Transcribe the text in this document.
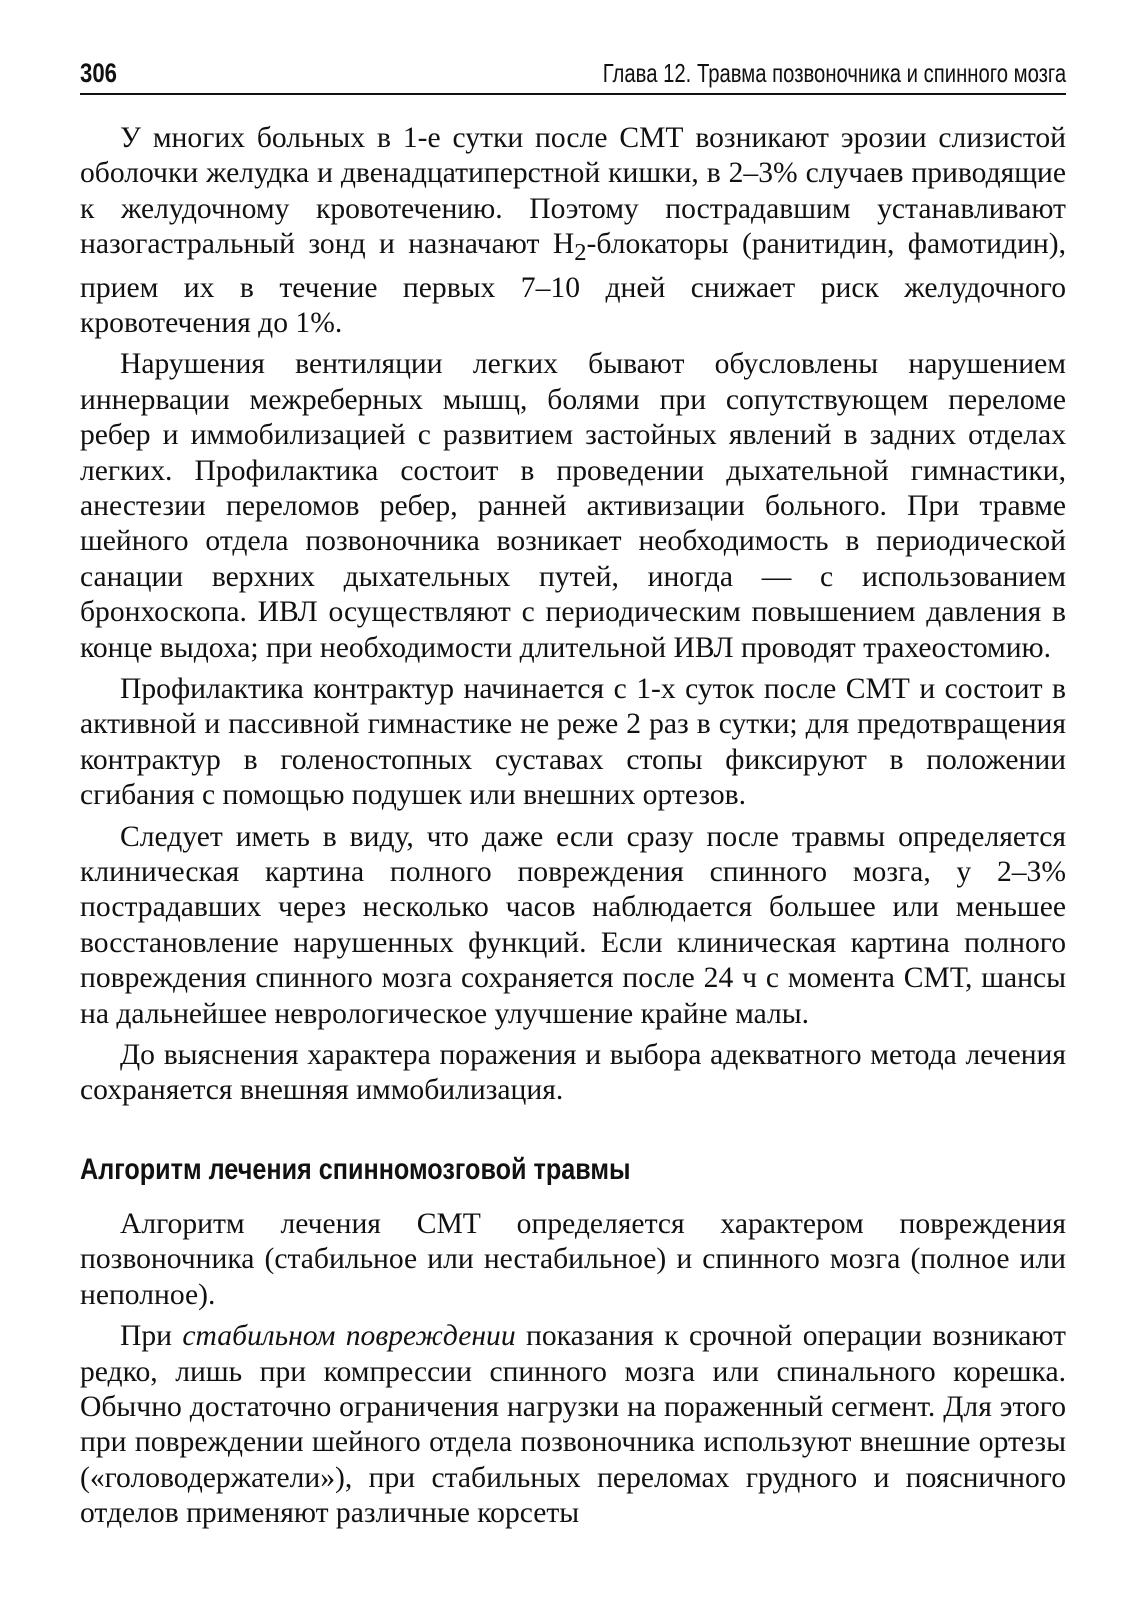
306	Глава 12. Травма позвоночника и спинного мозга

У многих больных в 1-е сутки после СМТ возникают эрозии слизистой оболочки желудка и двенадцатиперстной кишки, в 2–3% случаев приводящие к желудочному кровотечению. Поэтому пострадавшим устанавливают назогастральный зонд и назначают $H_2$-блокаторы (ранитидин, фамотидин), прием их в течение первых 7–10 дней снижает риск желудочного кровотечения до 1%.

Нарушения вентиляции легких бывают обусловлены нарушением иннервации межреберных мышц, болями при сопутствующем переломе ребер и иммобилизацией с развитием застойных явлений в задних отделах легких. Профилактика состоит в проведении дыхательной гимнастики, анестезии переломов ребер, ранней активизации больного. При травме шейного отдела позвоночника возникает необходимость в периодической санации верхних дыхательных путей, иногда — с использованием бронхоскопа. ИВЛ осуществляют с периодическим повышением давления в конце выдоха; при необходимости длительной ИВЛ проводят трахеостомию.

Профилактика контрактур начинается с 1-х суток после СМТ и состоит в активной и пассивной гимнастике не реже 2 раз в сутки; для предотвращения контрактур в голеностопных суставах стопы фиксируют в положении сгибания с помощью подушек или внешних ортезов.

Следует иметь в виду, что даже если сразу после травмы определяется клиническая картина полного повреждения спинного мозга, у 2–3% пострадавших через несколько часов наблюдается большее или меньшее восстановление нарушенных функций. Если клиническая картина полного повреждения спинного мозга сохраняется после 24 ч с момента СМТ, шансы на дальнейшее неврологическое улучшение крайне малы.

До выяснения характера поражения и выбора адекватного метода лечения сохраняется внешняя иммобилизация.

Алгоритм лечения спинномозговой травмы

Алгоритм лечения СМТ определяется характером повреждения позвоночника (стабильное или нестабильное) и спинного мозга (полное или неполное).

При стабильном повреждении показания к срочной операции возникают редко, лишь при компрессии спинного мозга или спинального корешка. Обычно достаточно ограничения нагрузки на пораженный сегмент. Для этого при повреждении шейного отдела позвоночника используют внешние ортезы («головодержатели»), при стабильных переломах грудного и поясничного отделов применяют различные корсеты
